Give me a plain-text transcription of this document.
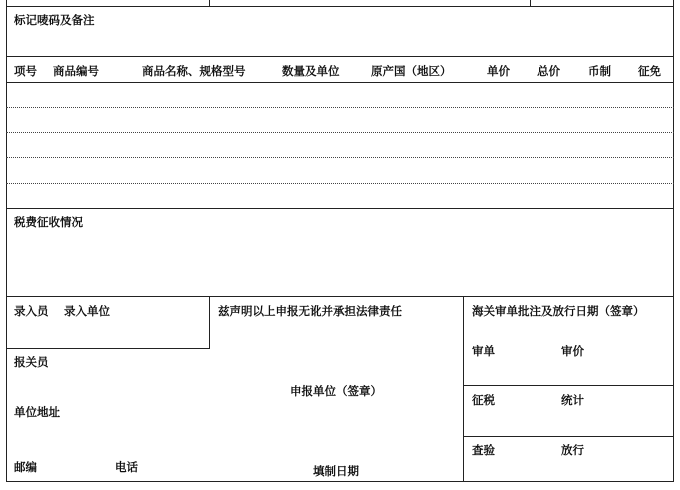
标记唛码及备注
项号 商品编号	商品名称、规格型号	数量及单位	原产国（地区）	单价 总价 币制 征免
税费征收情况
录入员 录入单位	兹声明以上申报无讹并承担法律责任
申报单位（签章）
填制日期
报关员
单位地址
邮编	电话
海关审单批注及放行日期（签章）
审单	审价
征税	统计
查验	放行
